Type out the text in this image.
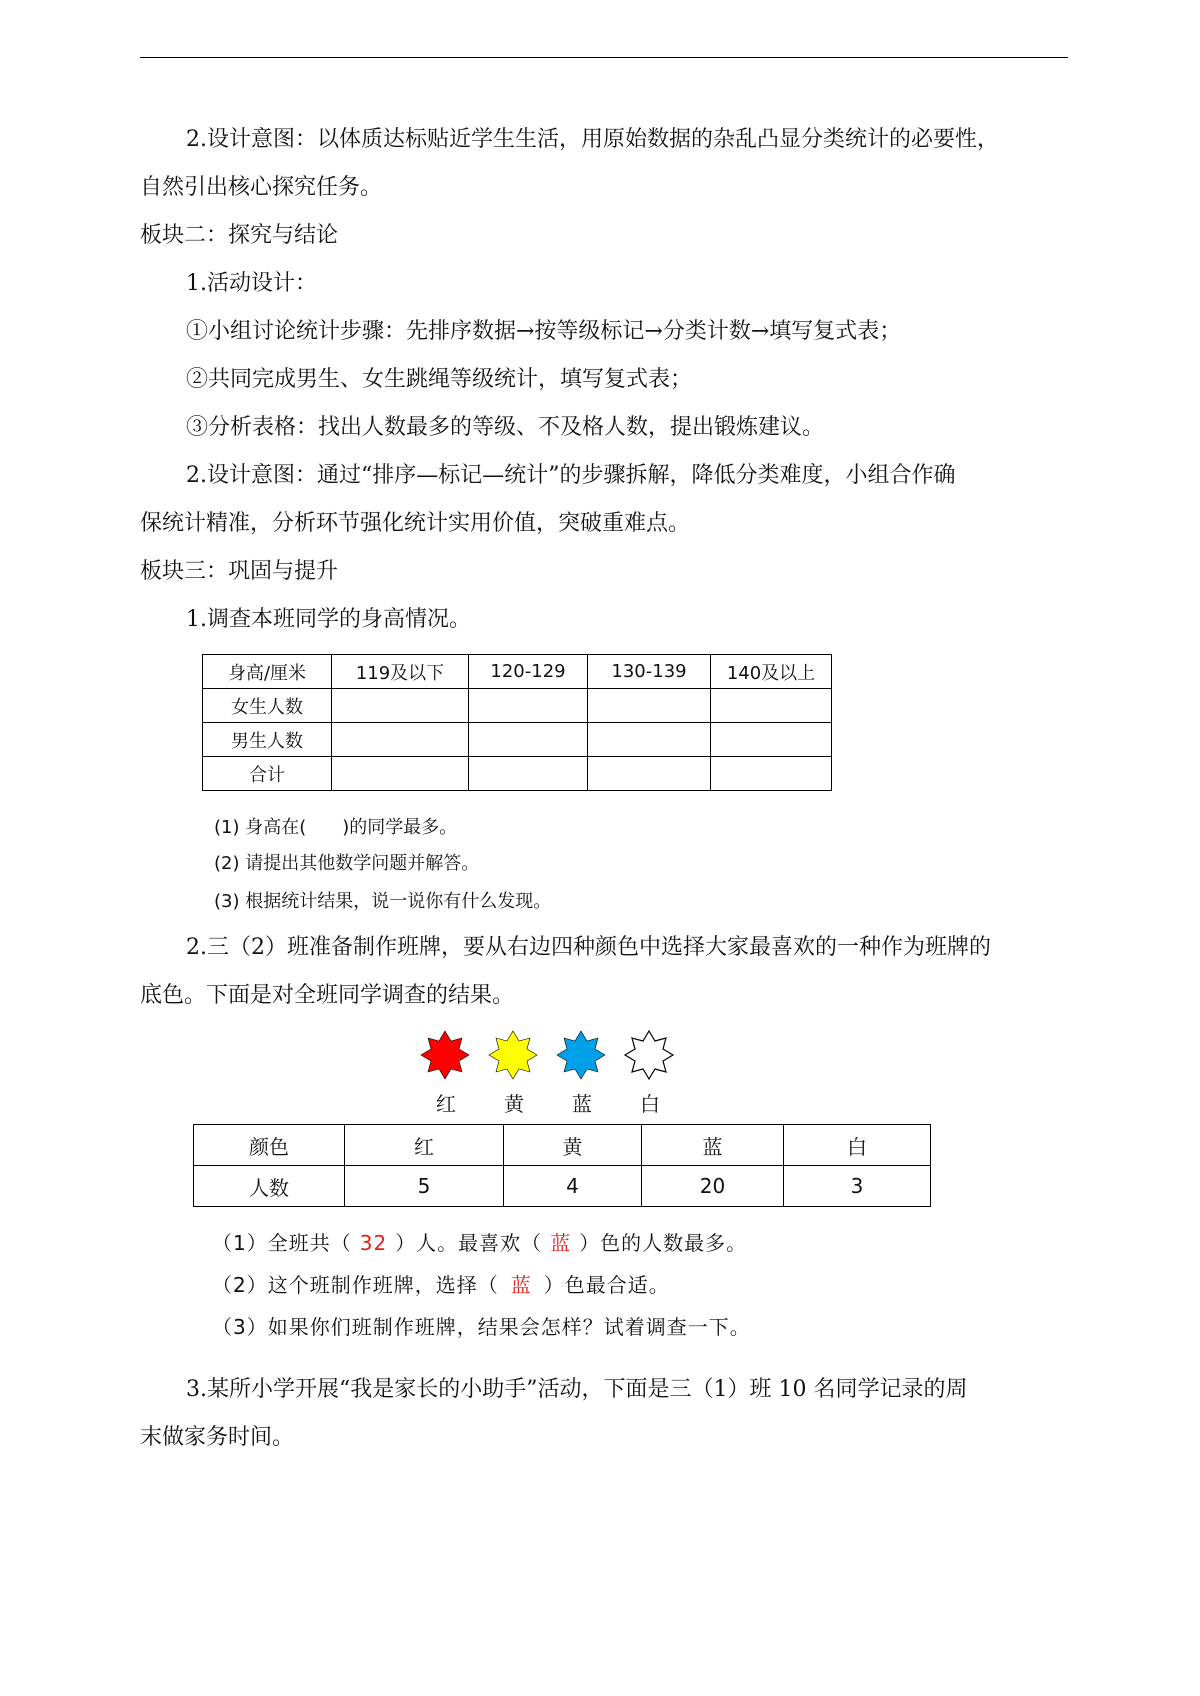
2.设计意图：以体质达标贴近学生生活，用原始数据的杂乱凸显分类统计的必要性，
自然引出核心探究任务。
板块二：探究与结论
1.活动设计：
①小组讨论统计步骤：先排序数据→按等级标记→分类计数→填写复式表；
②共同完成男生、女生跳绳等级统计，填写复式表；
③分析表格：找出人数最多的等级、不及格人数，提出锻炼建议。
2.设计意图：通过“排序—标记—统计”的步骤拆解，降低分类难度，小组合作确
保统计精准，分析环节强化统计实用价值，突破重难点。
板块三：巩固与提升
1.调查本班同学的身高情况。
身高/厘米	119及以下	120-129	130-139	140及以上
女生人数				
男生人数				
合计				
(1) 身高在(　　)的同学最多。
(2) 请提出其他数学问题并解答。
(3) 根据统计结果，说一说你有什么发现。
2.三（2）班准备制作班牌，要从右边四种颜色中选择大家最喜欢的一种作为班牌的
底色。下面是对全班同学调查的结果。
红 黄 蓝 白
颜色	红	黄	蓝	白
人数	5	4	20	3
（1）全班共（ 32 ）人。最喜欢（ 蓝 ）色的人数最多。
（2）这个班制作班牌，选择（ 蓝 ）色最合适。
（3）如果你们班制作班牌，结果会怎样？试着调查一下。
3.某所小学开展“我是家长的小助手”活动，下面是三（1）班 10 名同学记录的周
末做家务时间。
